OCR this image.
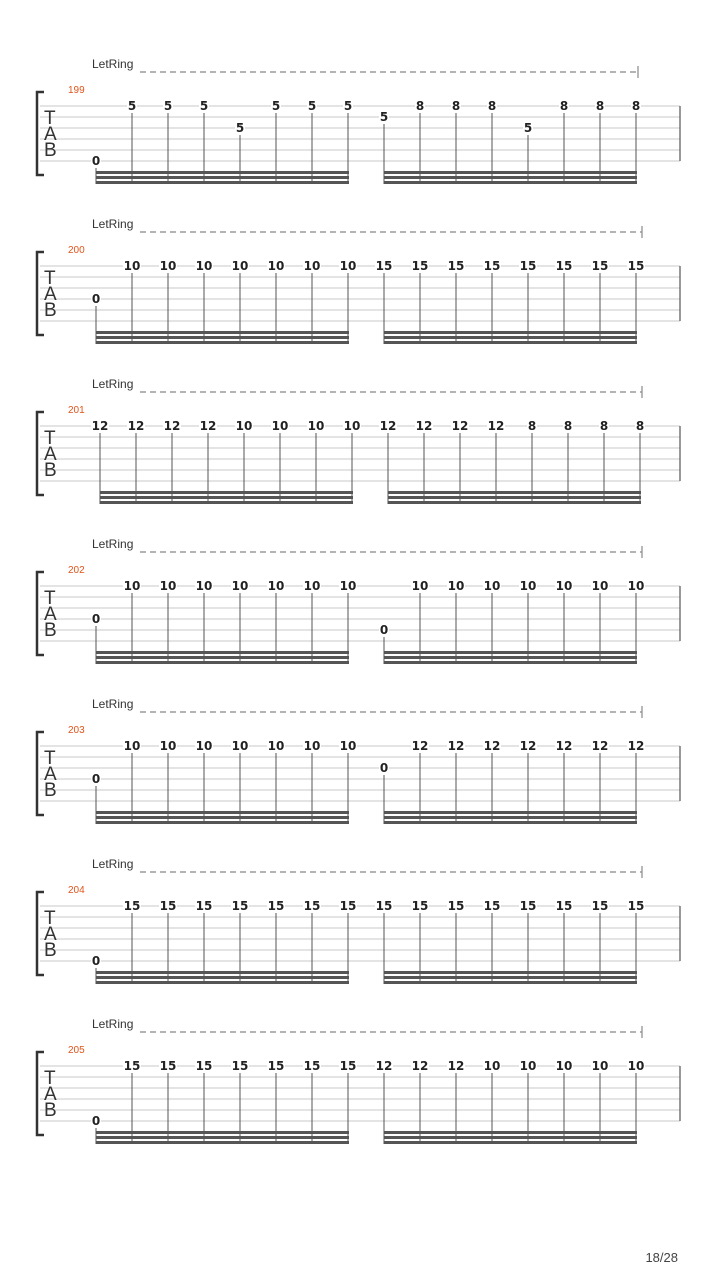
LetRing
199
T
A
B	0
5 5 5
5
5 5 5
5
8 8 8
5
8 8 8
LetRing
200
T
A
B
0
10 10 10 10 10 10 10 15 15 15 15 15 15 15 15
LetRing
201
T
A
B
12 12 12 12 10 10 10 10 12 12 12 12 8 8 8 8
LetRing
202
T
A
B
0
10 10 10 10 10 10 10
0
10 10 10 10 10 10 10
LetRing
203
T
A
B
0
10 10 10 10 10 10 10
0
12 12 12 12 12 12 12
LetRing
204
T
A
B	0
15 15 15 15 15 15 15 15 15 15 15 15 15 15 15
LetRing
205
T
A
B	0
15 15 15 15 15 15 15 12 12 12 10 10 10 10 10
18/28
